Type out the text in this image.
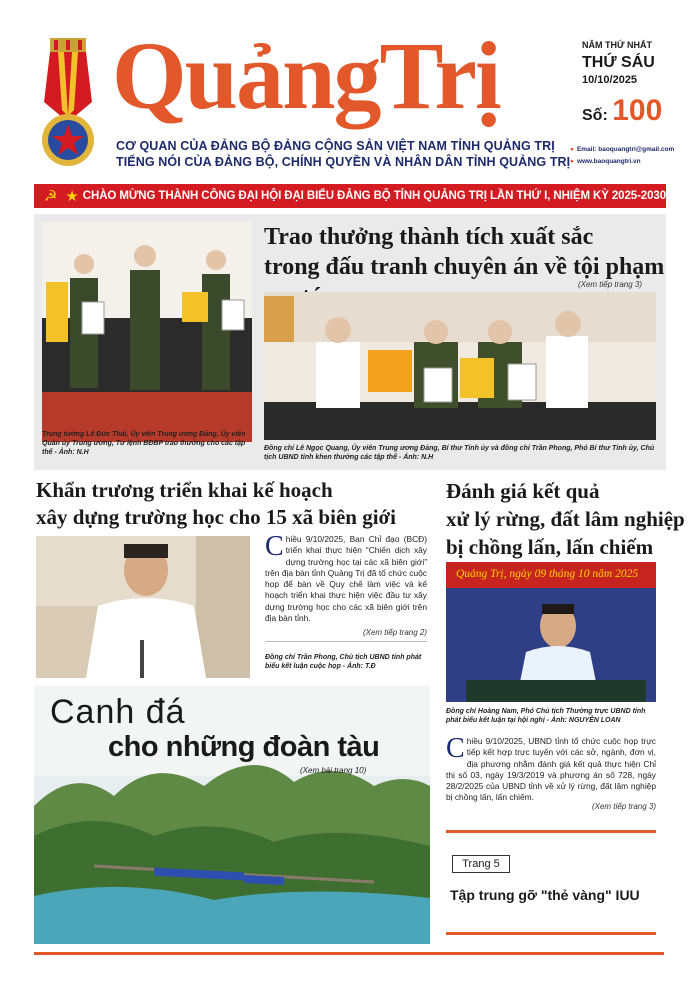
QuảngTrị
CƠ QUAN CỦA ĐẢNG BỘ ĐẢNG CỘNG SẢN VIỆT NAM TỈNH QUẢNG TRỊ
TIẾNG NÓI CỦA ĐẢNG BỘ, CHÍNH QUYỀN VÀ NHÂN DÂN TỈNH QUẢNG TRỊ
NĂM THỨ NHẤT
THỨ SÁU
10/10/2025
Số: 100
● Email: baoquangtri@gmail.com
● www.baoquangtri.vn
☭ ★ CHÀO MỪNG THÀNH CÔNG ĐẠI HỘI ĐẠI BIỂU ĐẢNG BỘ TỈNH QUẢNG TRỊ LẦN THỨ I, NHIỆM KỲ 2025-2030
Trung tướng Lê Đức Thái, Ủy viên Trung ương Đảng, Ủy viên Quân ủy Trung ương, Tư lệnh BĐBP trao thưởng cho các tập thể - Ảnh: N.H
Trao thưởng thành tích xuất sắc
trong đấu tranh chuyên án về tội phạm
(Xem tiếp trang 3)
Đồng chí Lê Ngọc Quang, Ủy viên Trung ương Đảng, Bí thư Tỉnh ủy và đồng chí Trần Phong, Phó Bí thư Tỉnh ủy, Chủ tịch UBND tỉnh khen thưởng các tập thể - Ảnh: N.H
Khẩn trương triển khai kế hoạch
xây dựng trường học cho 15 xã biên giới
Chiều 9/10/2025, Ban Chỉ đạo (BCĐ) triển khai thực hiện “Chiến dịch xây dựng trường học tại các xã biên giới” trên địa bàn tỉnh Quảng Trị đã tổ chức cuộc họp để bàn về Quy chế làm việc và kế hoạch triển khai thực hiện việc đầu tư xây dựng trường học cho các xã biên giới trên địa bàn tỉnh.
(Xem tiếp trang 2)
Đồng chí Trần Phong, Chủ tịch UBND tỉnh phát biểu kết luận cuộc họp - Ảnh: T.Đ
Đánh giá kết quả
xử lý rừng, đất lâm nghiệp
bị chồng lấn, lấn chiếm
Quảng Trị, ngày 09 tháng 10 năm 2025
Đồng chí Hoàng Nam, Phó Chủ tịch Thường trực UBND tỉnh phát biểu kết luận tại hội nghị - Ảnh: NGUYỄN LOAN
Chiều 9/10/2025, UBND tỉnh tổ chức cuộc họp trực tiếp kết hợp trực tuyến với các sở, ngành, đơn vị, địa phương nhằm đánh giá kết quả thực hiện Chỉ thị số 03, ngày 19/3/2019 và phương án số 728, ngày 28/2/2025 của UBND tỉnh về xử lý rừng, đất lâm nghiệp bị chồng lấn, lấn chiếm.
(Xem tiếp trang 3)
Trang 5
Tập trung gỡ "thẻ vàng" IUU
Canh đá
cho những đoàn tàu
(Xem bài trang 10)
